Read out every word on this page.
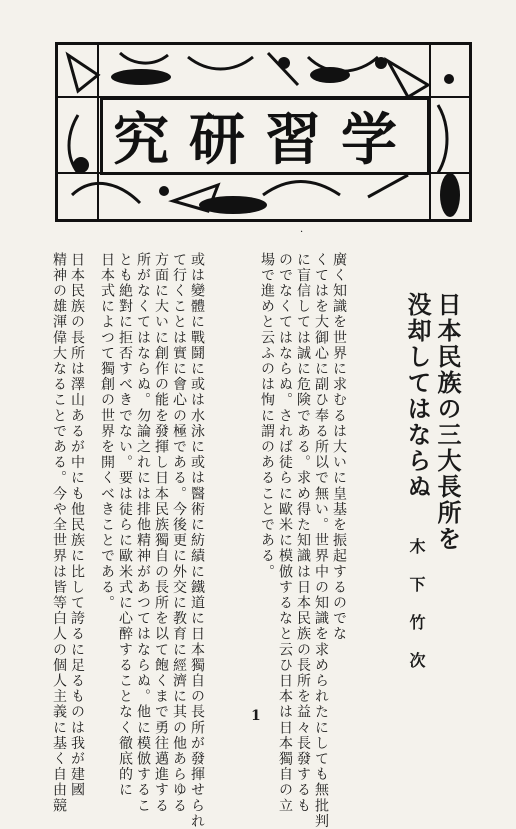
学習研究
·
日本民族の三大長所を
没却してはならぬ
木下竹次
廣く知識を世界に求むるは大いに皇基を振起するのでな
くてはを大御心に副ひ奉る所以で無い。世界中の知識を求められたにしても無批判
に盲信しては誠に危険である。求め得た知識は日本民族の長所を益々長發するも
のでなくてはならぬ。されば徒らに歐米に模倣するなと云ひ日本は日本獨自の立
場で進めと云ふのは恂に謂のあることである。
或は變體に戰鬪に或は水泳に或は醫術に紡績に鐵道に日本獨自の長所が發揮せられ
て行くことは實に會心の極である。今後更に外交に教育に經濟に其の他あらゆる
方面に大いに創作の能を發揮し日本民族獨自の長所を以て飽くまで勇往邁進する
所がなくてはならぬ。勿論之れには排他精神があつてはならぬ。他に模倣するこ
とも絶對に拒否すべきでない。要は徒らに歐米式に心醉することなく徹底的に
日本式によつて獨創の世界を開くべきことである。
日本民族の長所は澤山あるが中にも他民族に比して誇るに足るものは我が建國
精神の雄渾偉大なることである。今や全世界は皆等白人の個人主義に基く自由競	1
